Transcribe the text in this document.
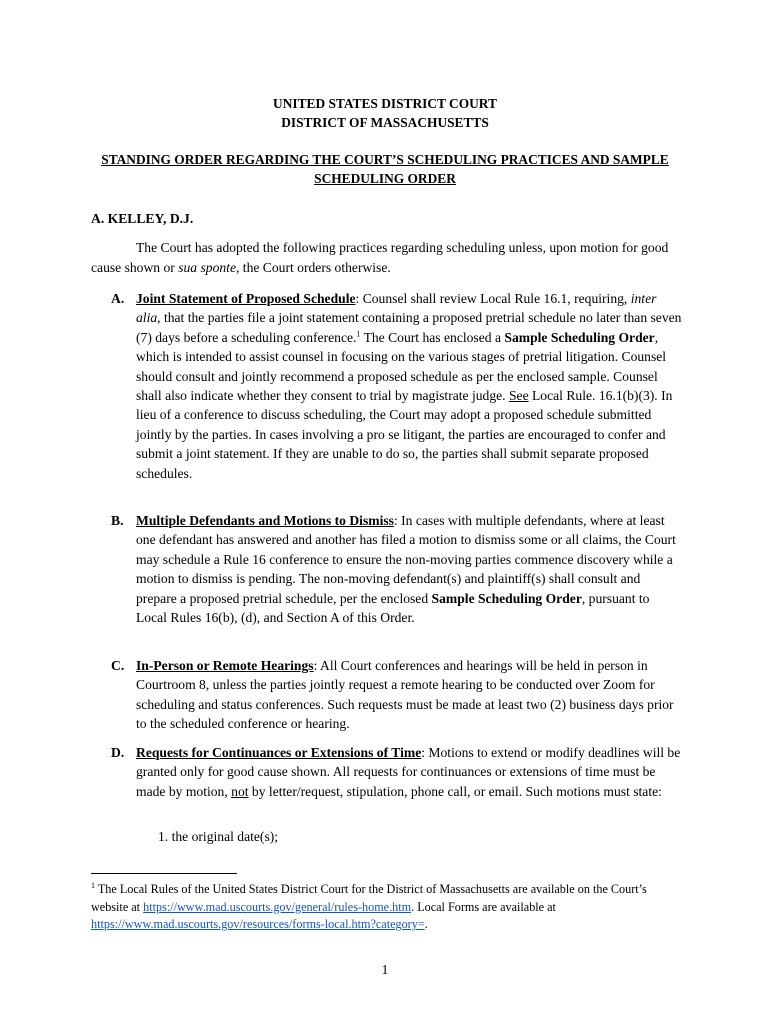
UNITED STATES DISTRICT COURT
DISTRICT OF MASSACHUSETTS
STANDING ORDER REGARDING THE COURT’S SCHEDULING PRACTICES AND SAMPLE SCHEDULING ORDER
A. KELLEY, D.J.

The Court has adopted the following practices regarding scheduling unless, upon motion for good cause shown or sua sponte, the Court orders otherwise.

A. Joint Statement of Proposed Schedule: Counsel shall review Local Rule 16.1, requiring, inter alia, that the parties file a joint statement containing a proposed pretrial schedule no later than seven (7) days before a scheduling conference.$^1$ The Court has enclosed a Sample Scheduling Order, which is intended to assist counsel in focusing on the various stages of pretrial litigation. Counsel should consult and jointly recommend a proposed schedule as per the enclosed sample. Counsel shall also indicate whether they consent to trial by magistrate judge. See Local Rule. 16.1(b)(3). In lieu of a conference to discuss scheduling, the Court may adopt a proposed schedule submitted jointly by the parties. In cases involving a pro se litigant, the parties are encouraged to confer and submit a joint statement. If they are unable to do so, the parties shall submit separate proposed schedules.

B. Multiple Defendants and Motions to Dismiss: In cases with multiple defendants, where at least one defendant has answered and another has filed a motion to dismiss some or all claims, the Court may schedule a Rule 16 conference to ensure the non-moving parties commence discovery while a motion to dismiss is pending. The non-moving defendant(s) and plaintiff(s) shall consult and prepare a proposed pretrial schedule, per the enclosed Sample Scheduling Order, pursuant to Local Rules 16(b), (d), and Section A of this Order.

C. In-Person or Remote Hearings: All Court conferences and hearings will be held in person in Courtroom 8, unless the parties jointly request a remote hearing to be conducted over Zoom for scheduling and status conferences. Such requests must be made at least two (2) business days prior to the scheduled conference or hearing.

D. Requests for Continuances or Extensions of Time: Motions to extend or modify deadlines will be granted only for good cause shown. All requests for continuances or extensions of time must be made by motion, not by letter/request, stipulation, phone call, or email. Such motions must state:

1. the original date(s);

$^1$ The Local Rules of the United States District Court for the District of Massachusetts are available on the Court’s website at https://www.mad.uscourts.gov/general/rules-home.htm. Local Forms are available at https://www.mad.uscourts.gov/resources/forms-local.htm?category=.

1
